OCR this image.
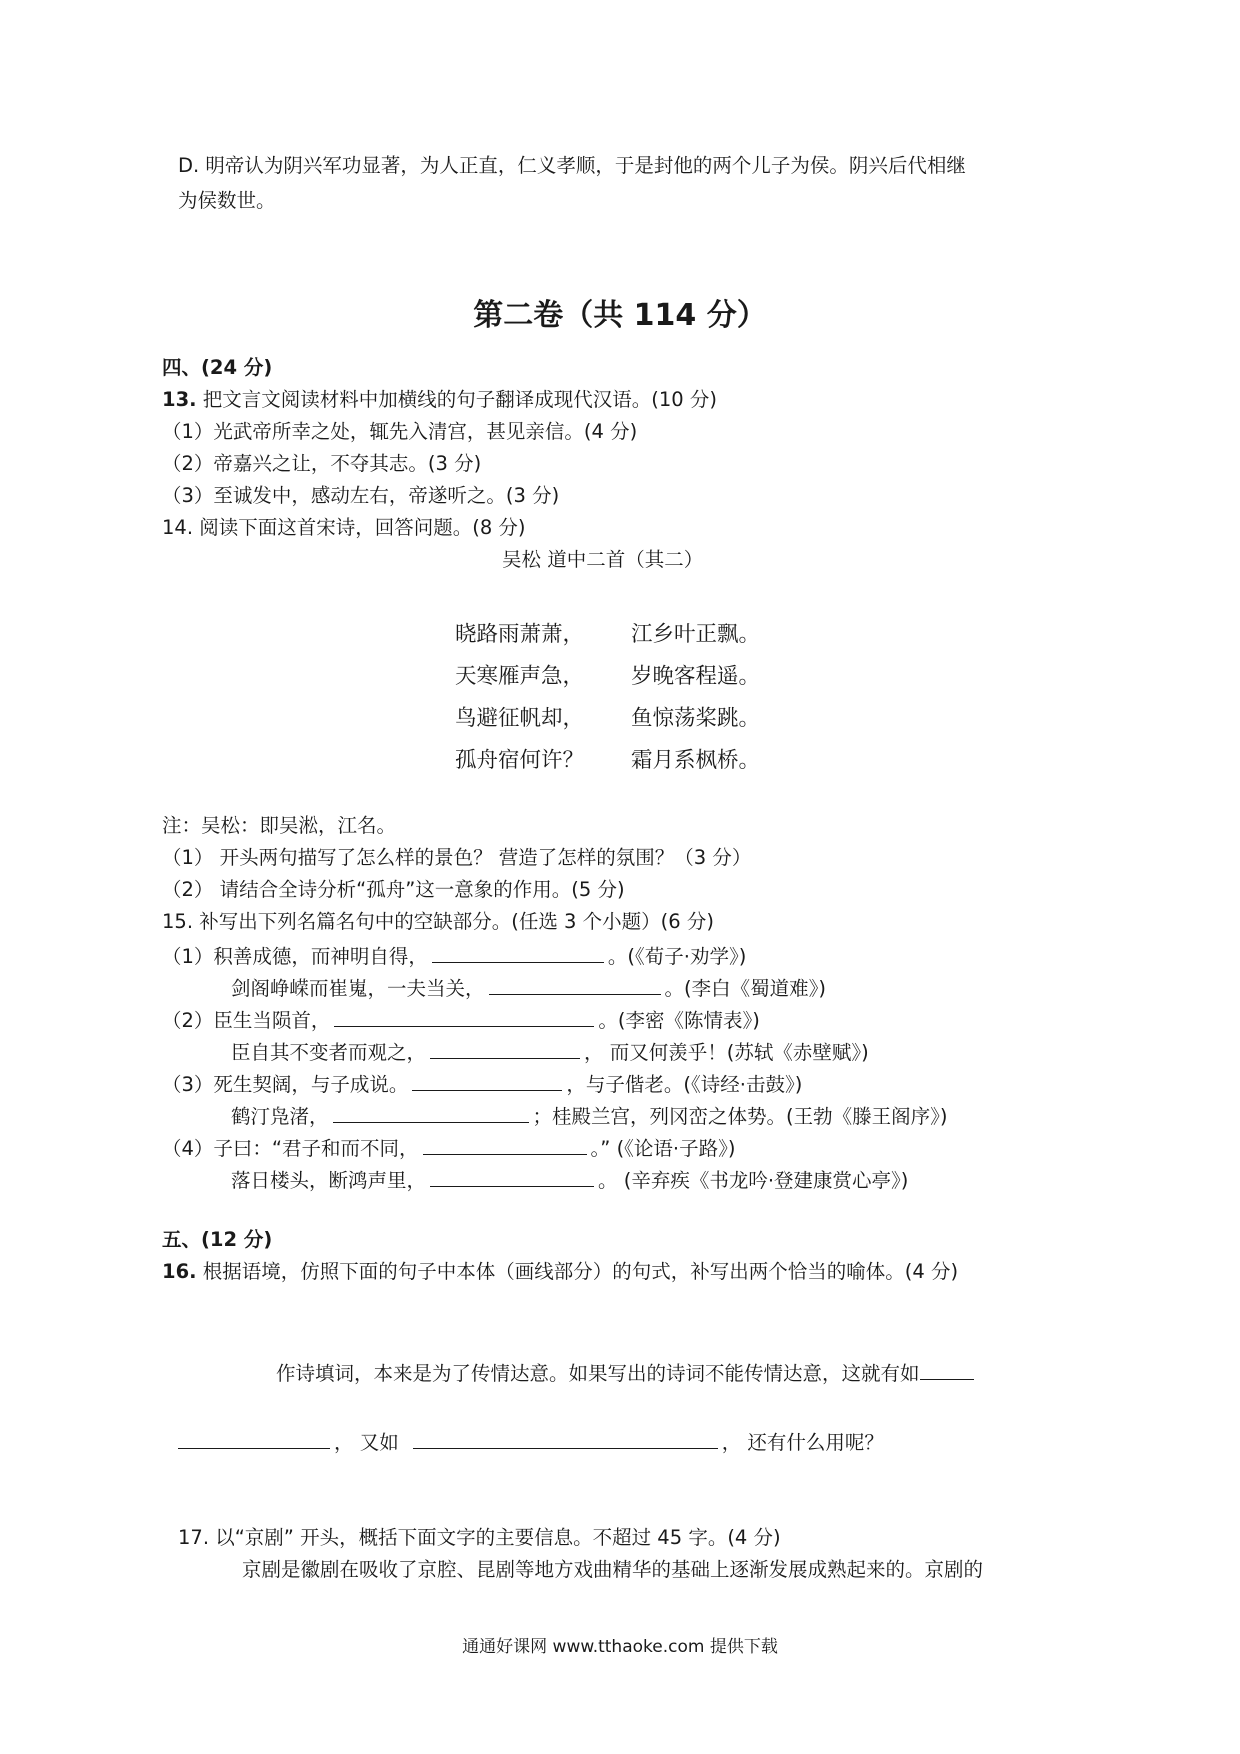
D. 明帝认为阴兴军功显著，为人正直，仁义孝顺，于是封他的两个儿子为侯。阴兴后代相继
为侯数世。
第二卷（共 114 分）
四、(24 分)
13. 把文言文阅读材料中加横线的句子翻译成现代汉语。(10 分)
（1）光武帝所幸之处，辄先入清宫，甚见亲信。(4 分)
（2）帝嘉兴之让，不夺其志。(3 分)
（3）至诚发中，感动左右，帝遂听之。(3 分)
14. 阅读下面这首宋诗，回答问题。(8 分)
吴松 道中二首（其二）
晓路雨萧萧， 江乡叶正飘。
天寒雁声急， 岁晚客程遥。
鸟避征帆却， 鱼惊荡桨跳。
孤舟宿何许？ 霜月系枫桥。
注：吴松：即吴淞，江名。
（1） 开头两句描写了怎么样的景色？ 营造了怎样的氛围？（3 分）
（2） 请结合全诗分析“孤舟”这一意象的作用。(5 分)
15. 补写出下列名篇名句中的空缺部分。(任选 3 个小题）(6 分)
（1）积善成德，而神明自得，	。(《荀子·劝学》)
剑阁峥嵘而崔嵬，一夫当关，	。(李白《蜀道难》)
（2）臣生当陨首，	。(李密《陈情表》)
臣自其不变者而观之，	， 而又何羡乎！(苏轼《赤壁赋》)
（3）死生契阔，与子成说。	，与子偕老。(《诗经·击鼓》)
鹤汀凫渚，	；桂殿兰宫，列冈峦之体势。(王勃《滕王阁序》)
（4）子曰：“君子和而不同，	。” (《论语·子路》)
落日楼头，断鸿声里，	。 (辛弃疾《书龙吟·登建康赏心亭》)
五、(12 分)
16. 根据语境，仿照下面的句子中本体（画线部分）的句式，补写出两个恰当的喻体。(4 分)
作诗填词，本来是为了传情达意。如果写出的诗词不能传情达意，这就有如
， 又如	， 还有什么用呢？
17. 以“京剧” 开头，概括下面文字的主要信息。不超过 45 字。(4 分)
京剧是徽剧在吸收了京腔、昆剧等地方戏曲精华的基础上逐渐发展成熟起来的。京剧的
通通好课网 www.tthaoke.com 提供下载
